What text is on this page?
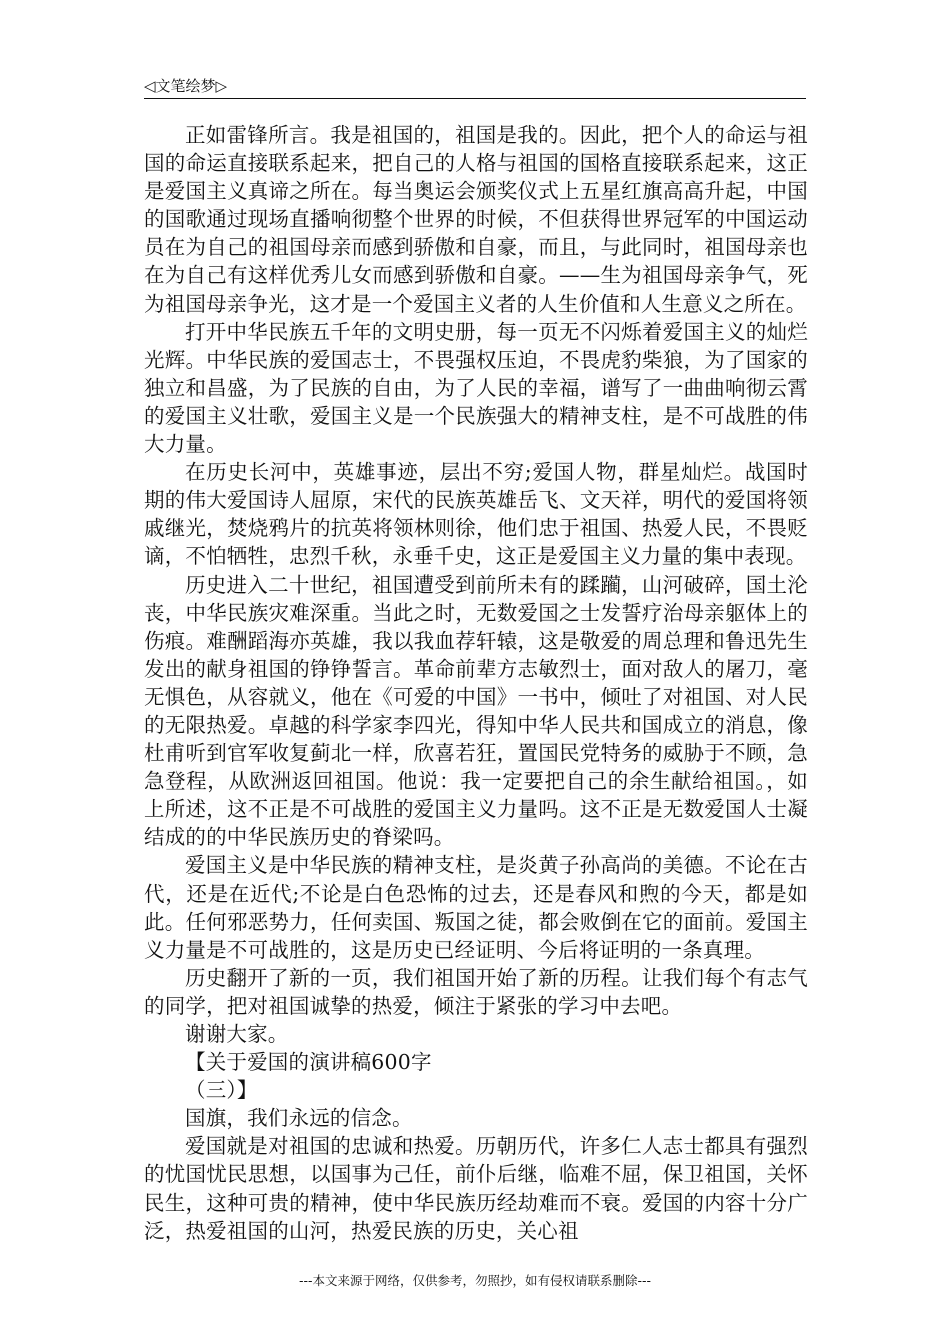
◁文笔绘梦▷

正如雷锋所言。我是祖国的，祖国是我的。因此，把个人的命运与祖国的命运直接联系起来，把自己的人格与祖国的国格直接联系起来，这正是爱国主义真谛之所在。每当奥运会颁奖仪式上五星红旗高高升起，中国的国歌通过现场直播响彻整个世界的时候，不但获得世界冠军的中国运动员在为自己的祖国母亲而感到骄傲和自豪，而且，与此同时，祖国母亲也在为自己有这样优秀儿女而感到骄傲和自豪。——生为祖国母亲争气，死为祖国母亲争光，这才是一个爱国主义者的人生价值和人生意义之所在。

打开中华民族五千年的文明史册，每一页无不闪烁着爱国主义的灿烂光辉。中华民族的爱国志士，不畏强权压迫，不畏虎豹柴狼，为了国家的独立和昌盛，为了民族的自由，为了人民的幸福，谱写了一曲曲响彻云霄的爱国主义壮歌，爱国主义是一个民族强大的精神支柱，是不可战胜的伟大力量。

在历史长河中，英雄事迹，层出不穷;爱国人物，群星灿烂。战国时期的伟大爱国诗人屈原，宋代的民族英雄岳飞、文天祥，明代的爱国将领戚继光，焚烧鸦片的抗英将领林则徐，他们忠于祖国、热爱人民，不畏贬谪，不怕牺牲，忠烈千秋，永垂千史，这正是爱国主义力量的集中表现。

历史进入二十世纪，祖国遭受到前所未有的蹂躏，山河破碎，国土沦丧，中华民族灾难深重。当此之时，无数爱国之士发誓疗治母亲躯体上的伤痕。难酬蹈海亦英雄，我以我血荐轩辕，这是敬爱的周总理和鲁迅先生发出的献身祖国的铮铮誓言。革命前辈方志敏烈士，面对敌人的屠刀，毫无惧色，从容就义，他在《可爱的中国》一书中，倾吐了对祖国、对人民的无限热爱。卓越的科学家李四光，得知中华人民共和国成立的消息，像杜甫听到官军收复蓟北一样，欣喜若狂，置国民党特务的威胁于不顾，急急登程，从欧洲返回祖国。他说：我一定要把自己的余生献给祖国。，如上所述，这不正是不可战胜的爱国主义力量吗。这不正是无数爱国人士凝结成的的中华民族历史的脊梁吗。

爱国主义是中华民族的精神支柱，是炎黄子孙高尚的美德。不论在古代，还是在近代;不论是白色恐怖的过去，还是春风和煦的今天，都是如此。任何邪恶势力，任何卖国、叛国之徒，都会败倒在它的面前。爱国主义力量是不可战胜的，这是历史已经证明、今后将证明的一条真理。

历史翻开了新的一页，我们祖国开始了新的历程。让我们每个有志气的同学，把对祖国诚挚的热爱，倾注于紧张的学习中去吧。

谢谢大家。

【关于爱国的演讲稿600字

（三）】

国旗，我们永远的信念。

爱国就是对祖国的忠诚和热爱。历朝历代，许多仁人志士都具有强烈的忧国忧民思想，以国事为己任，前仆后继，临难不屈，保卫祖国，关怀民生，这种可贵的精神，使中华民族历经劫难而不衰。爱国的内容十分广泛，热爱祖国的山河，热爱民族的历史，关心祖

---本文来源于网络，仅供参考，勿照抄，如有侵权请联系删除---
